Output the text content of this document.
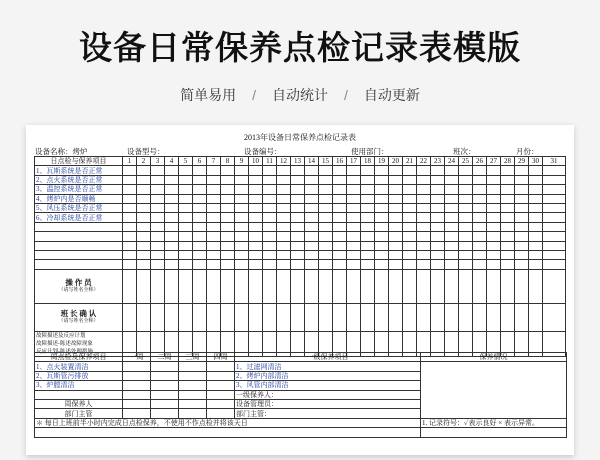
设备日常保养点检记录表模版
简单易用 / 自动统计 / 自动更新
2013年设备日常保养点检记录表
设备名称：烤炉	设备型号：	设备编号：	使用部门：	班次：	月份：
日点检与保养项目	1	2	3	4	5	6	7	8	9	10	11	12	13	14	15	16	17	18	19	20	21	22	23	24	25	26	27	28	29	30	31
1、瓦斯系统是否正常																															
2、点火系统是否正常																															
3、温控系统是否正常																															
4、烤炉内是否顺畅																															
5、风压系统是否正常																															
6、冷却系统是否正常																															

操 作 员
（请写姓名全称）																															

班 长 确 认
（请写姓名全称）																															

故障描述及反应计划
故障描述-陈述故障现象
反应计划-陈述处理措施																															

周点检及保养项目	一周	二周	三周	四周	一级保养项目	保养情况
1、点火装置清洁					1、过滤网清洁	
2、瓦斯管污排放					2、烤炉内部清洁	
3、炉膛清洁					3、风管内部清洁	
					一级保养人：	
周保养人					设备管理员：	
部门主管					部门主管：	
＊ 每日上班前半小时内完成日点检保养，不使用不作点检并将该天日						1. 记录符号：✓表示良好 × 表示异常。
